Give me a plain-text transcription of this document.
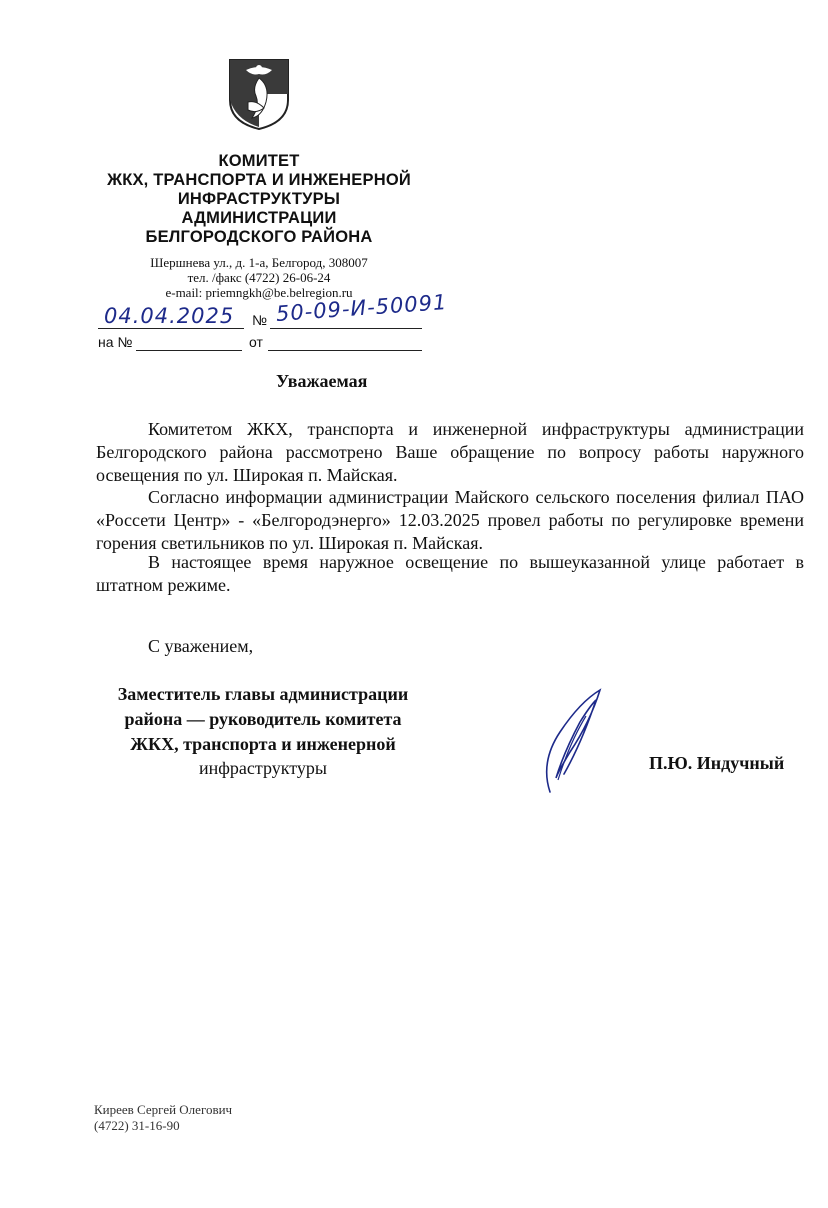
КОМИТЕТ
ЖКХ, ТРАНСПОРТА И ИНЖЕНЕРНОЙ
ИНФРАСТРУКТУРЫ
АДМИНИСТРАЦИИ
БЕЛГОРОДСКОГО РАЙОНА
Шершнева ул., д. 1-а, Белгород, 308007
тел. /факс (4722) 26-06-24
e-mail: priemngkh@be.belregion.ru
04.04.2025 № 50-09-И-50091
на №	от
Уважаемая
Комитетом ЖКХ, транспорта и инженерной инфраструктуры администрации Белгородского района рассмотрено Ваше обращение по вопросу работы наружного освещения по ул. Широкая п. Майская.
Согласно информации администрации Майского сельского поселения филиал ПАО «Россети Центр» - «Белгородэнерго» 12.03.2025 провел работы по регулировке времени горения светильников по ул. Широкая п. Майская.
В настоящее время наружное освещение по вышеуказанной улице работает в штатном режиме.
С уважением,
Заместитель главы администрации
района — руководитель комитета
ЖКХ, транспорта и инженерной
инфраструктуры	П.Ю. Индучный
Киреев Сергей Олегович
(4722) 31-16-90
